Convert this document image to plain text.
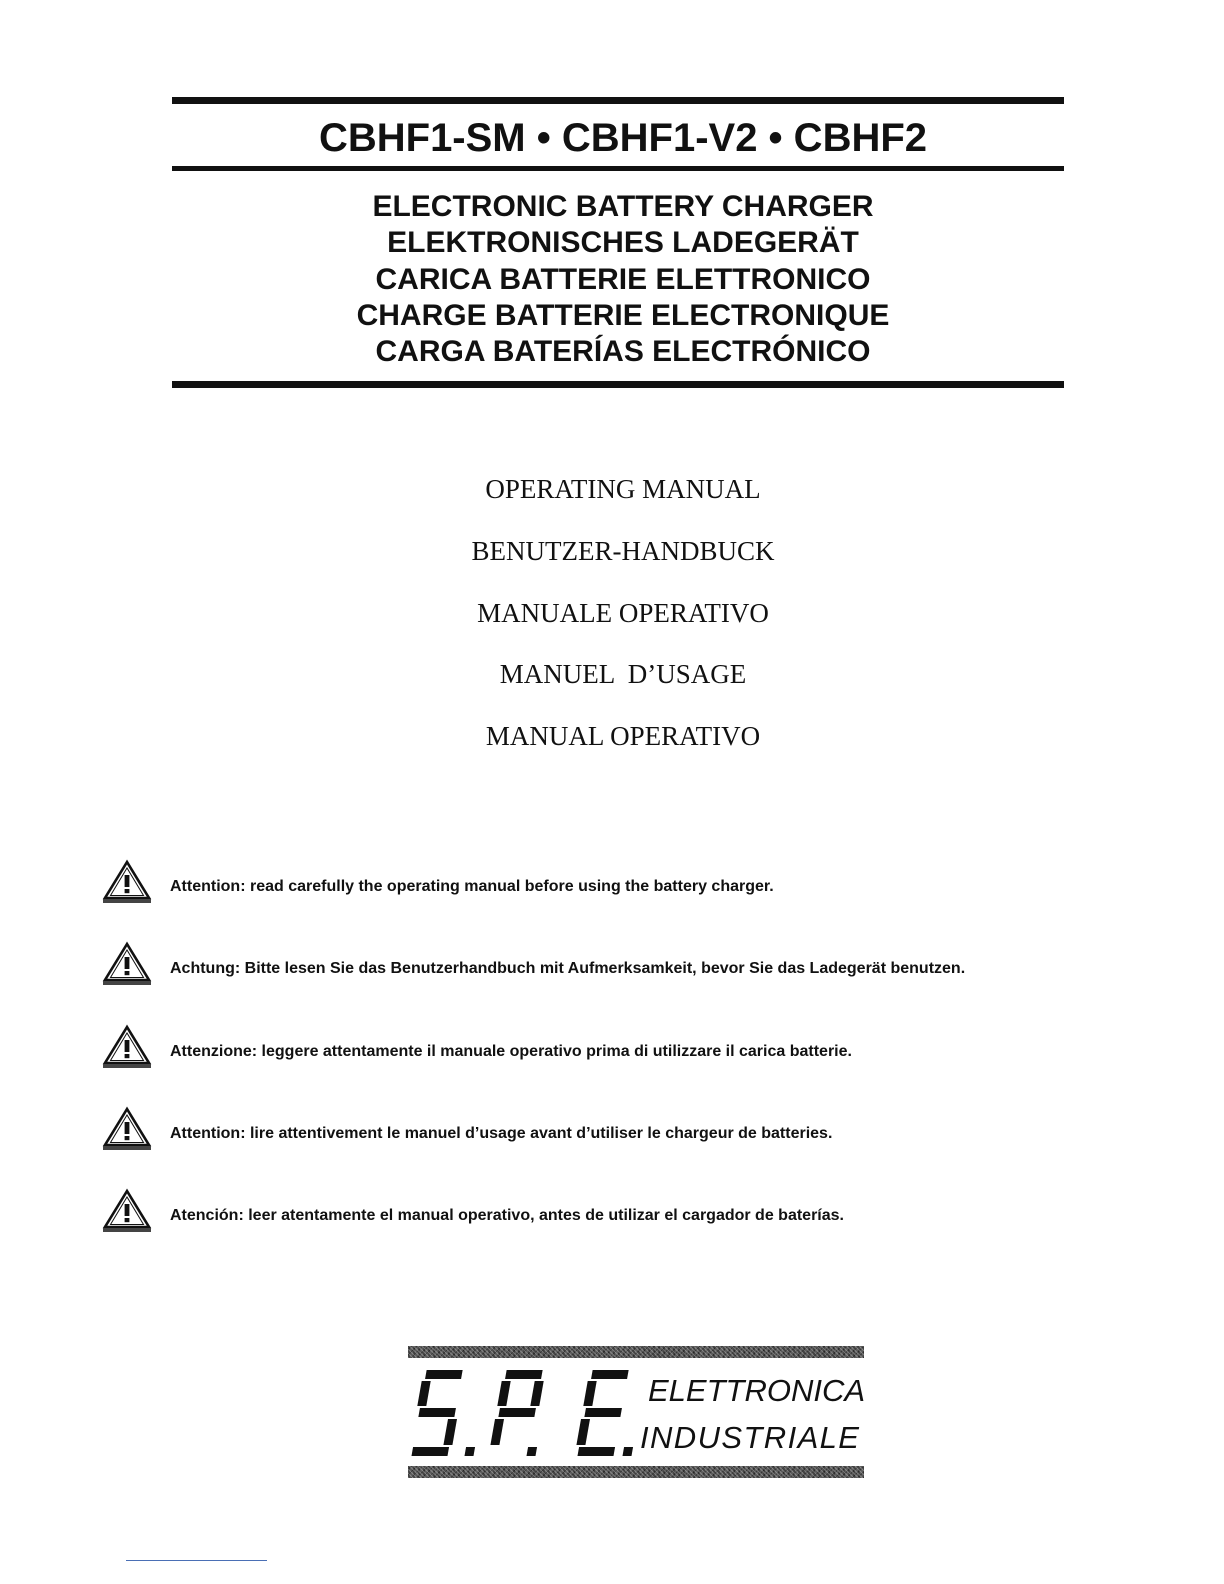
CBHF1-SM • CBHF1-V2 • CBHF2
ELECTRONIC BATTERY CHARGER
ELEKTRONISCHES LADEGERÄT
CARICA BATTERIE ELETTRONICO
CHARGE BATTERIE ELECTRONIQUE
CARGA BATERÍAS ELECTRÓNICO
OPERATING MANUAL
BENUTZER-HANDBUCK
MANUALE OPERATIVO
MANUEL  D’USAGE
MANUAL OPERATIVO
Attention: read carefully the operating manual before using the battery charger.
Achtung: Bitte lesen Sie das Benutzerhandbuch mit Aufmerksamkeit, bevor Sie das Ladegerät benutzen.
Attenzione: leggere attentamente il manuale operativo prima di utilizzare il carica batterie.
Attention: lire attentivement le manuel d’usage avant d’utiliser le chargeur de batteries.
Atención: leer atentamente el manual operativo, antes de utilizar el cargador de baterías.
ELETTRONICA
INDUSTRIALE
